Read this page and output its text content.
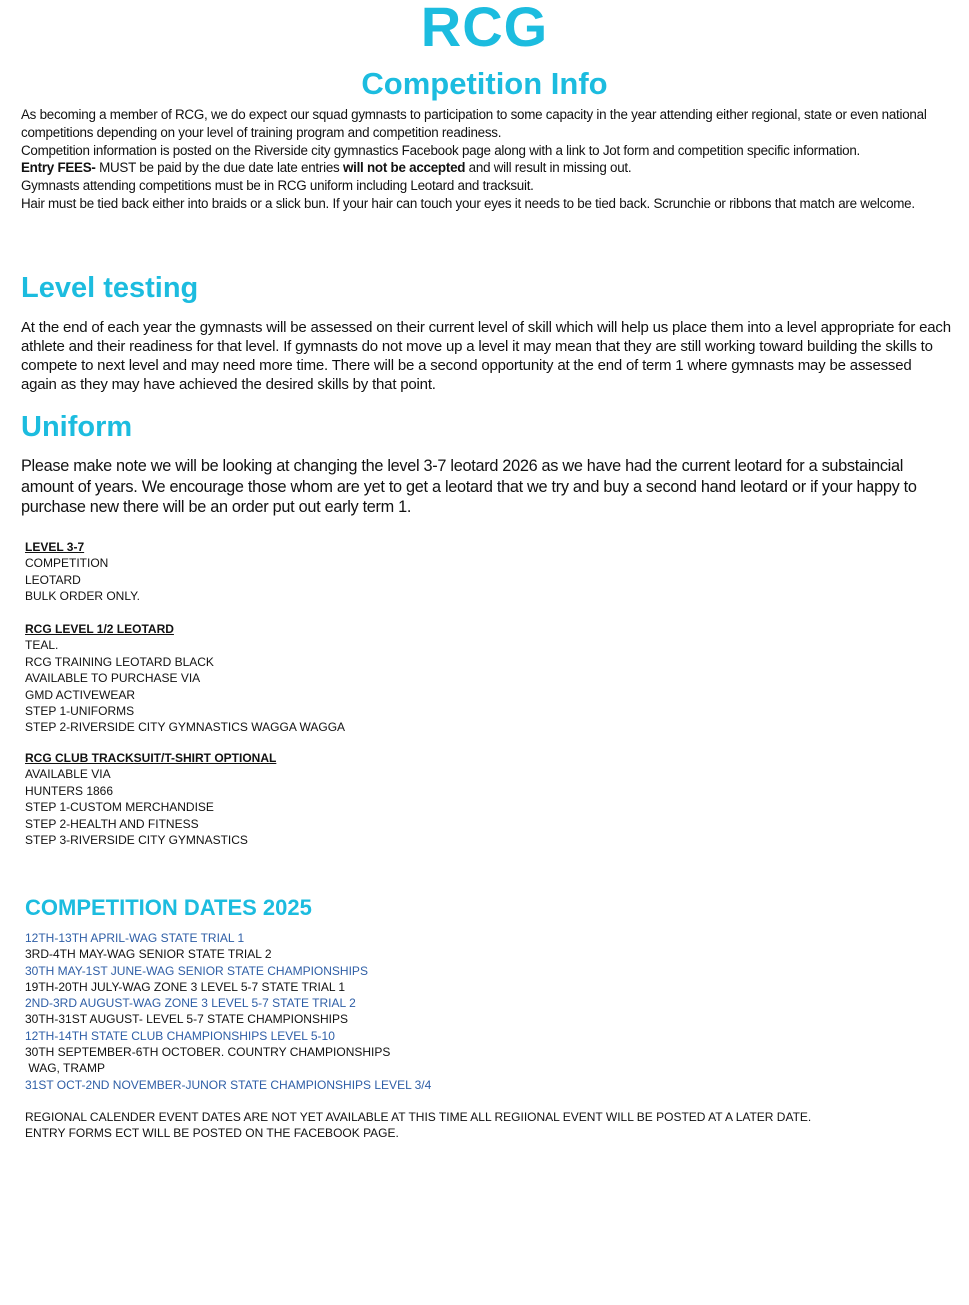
RCG
Competition Info

As becoming a member of RCG, we do expect our squad gymnasts to participation to some capacity in the year attending either regional, state or even national competitions depending on your level of training program and competition readiness.

Competition information is posted on the Riverside city gymnastics Facebook page along with a link to Jot form and competition specific information.

Entry FEES- MUST be paid by the due date late entries will not be accepted and will result in missing out.

Gymnasts attending competitions must be in RCG uniform including Leotard and tracksuit.

Hair must be tied back either into braids or a slick bun. If your hair can touch your eyes it needs to be tied back. Scrunchie or ribbons that match are welcome.

Level testing

At the end of each year the gymnasts will be assessed on their current level of skill which will help us place them into a level appropriate for each athlete and their readiness for that level. If gymnasts do not move up a level it may mean that they are still working toward building the skills to compete to next level and may need more time. There will be a second opportunity at the end of term 1 where gymnasts may be assessed again as they may have achieved the desired skills by that point.

Uniform

Please make note we will be looking at changing the level 3-7 leotard 2026 as we have had the current leotard for a substaincial amount of years. We encourage those whom are yet to get a leotard that we try and buy a second hand leotard or if your happy to purchase new there will be an order put out early term 1.

LEVEL 3-7
COMPETITION
LEOTARD
BULK ORDER ONLY.
RCG LEVEL 1/2 LEOTARD
TEAL.
RCG TRAINING LEOTARD BLACK
AVAILABLE TO PURCHASE VIA
GMD ACTIVEWEAR
STEP 1-UNIFORMS
STEP 2-RIVERSIDE CITY GYMNASTICS WAGGA WAGGA
RCG CLUB TRACKSUIT/T-SHIRT OPTIONAL
AVAILABLE VIA
HUNTERS 1866
STEP 1-CUSTOM MERCHANDISE
STEP 2-HEALTH AND FITNESS
STEP 3-RIVERSIDE CITY GYMNASTICS
COMPETITION DATES 2025
12TH-13TH APRIL-WAG STATE TRIAL 1
3RD-4TH MAY-WAG SENIOR STATE TRIAL 2
30TH MAY-1ST JUNE-WAG SENIOR STATE CHAMPIONSHIPS
19TH-20TH JULY-WAG ZONE 3 LEVEL 5-7 STATE TRIAL 1
2ND-3RD AUGUST-WAG ZONE 3 LEVEL 5-7 STATE TRIAL 2
30TH-31ST AUGUST- LEVEL 5-7 STATE CHAMPIONSHIPS
12TH-14TH STATE CLUB CHAMPIONSHIPS LEVEL 5-10
30TH SEPTEMBER-6TH OCTOBER. COUNTRY CHAMPIONSHIPS
WAG, TRAMP
31ST OCT-2ND NOVEMBER-JUNOR STATE CHAMPIONSHIPS LEVEL 3/4
REGIONAL CALENDER EVENT DATES ARE NOT YET AVAILABLE AT THIS TIME ALL REGIIONAL EVENT WILL BE POSTED AT A LATER DATE.
ENTRY FORMS ECT WILL BE POSTED ON THE FACEBOOK PAGE.
